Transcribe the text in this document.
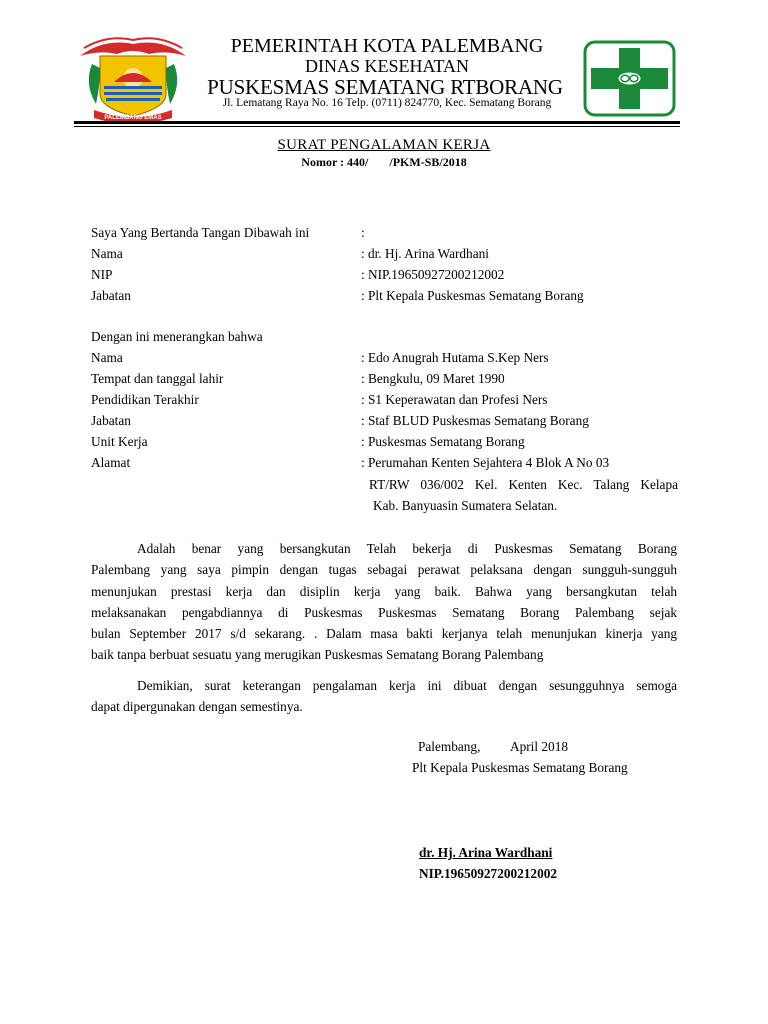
PALEMBANG EMAS
PEMERINTAH KOTA PALEMBANG
DINAS KESEHATAN
PUSKESMAS SEMATANG RTBORANG
Jl. Lematang Raya No. 16 Telp. (0711) 824770, Kec. Sematang Borang
SURAT PENGALAMAN KERJA
Nomor : 440/       /PKM-SB/2018
Saya Yang Bertanda Tangan Dibawah ini	:
Nama	: dr. Hj. Arina Wardhani
NIP	: NIP.19650927200212002
Jabatan	: Plt Kepala Puskesmas Sematang Borang
Dengan ini menerangkan bahwa
Nama	: Edo Anugrah Hutama S.Kep Ners
Tempat dan tanggal lahir	: Bengkulu, 09 Maret 1990
Pendidikan Terakhir	: S1 Keperawatan dan Profesi Ners
Jabatan	: Staf BLUD Puskesmas Sematang Borang
Unit Kerja	: Puskesmas Sematang Borang
Alamat	: Perumahan Kenten Sejahtera 4 Blok A No 03
RT/RW 036/002 Kel. Kenten Kec. Talang Kelapa
Kab. Banyuasin Sumatera Selatan.
Adalah benar yang bersangkutan Telah bekerja di Puskesmas Sematang Borang
Palembang yang saya pimpin dengan tugas sebagai perawat pelaksana dengan sungguh-sungguh
menunjukan prestasi kerja dan disiplin kerja yang baik. Bahwa yang bersangkutan telah
melaksanakan pengabdiannya di Puskesmas Puskesmas Sematang Borang Palembang sejak
bulan September 2017 s/d sekarang. . Dalam masa bakti kerjanya telah menunjukan kinerja yang
baik tanpa berbuat sesuatu yang merugikan Puskesmas Sematang Borang Palembang
Demikian, surat keterangan pengalaman kerja ini dibuat dengan sesungguhnya semoga
dapat dipergunakan dengan semestinya.
Palembang, April 2018
Plt Kepala Puskesmas Sematang Borang
dr. Hj. Arina Wardhani
NIP.19650927200212002
